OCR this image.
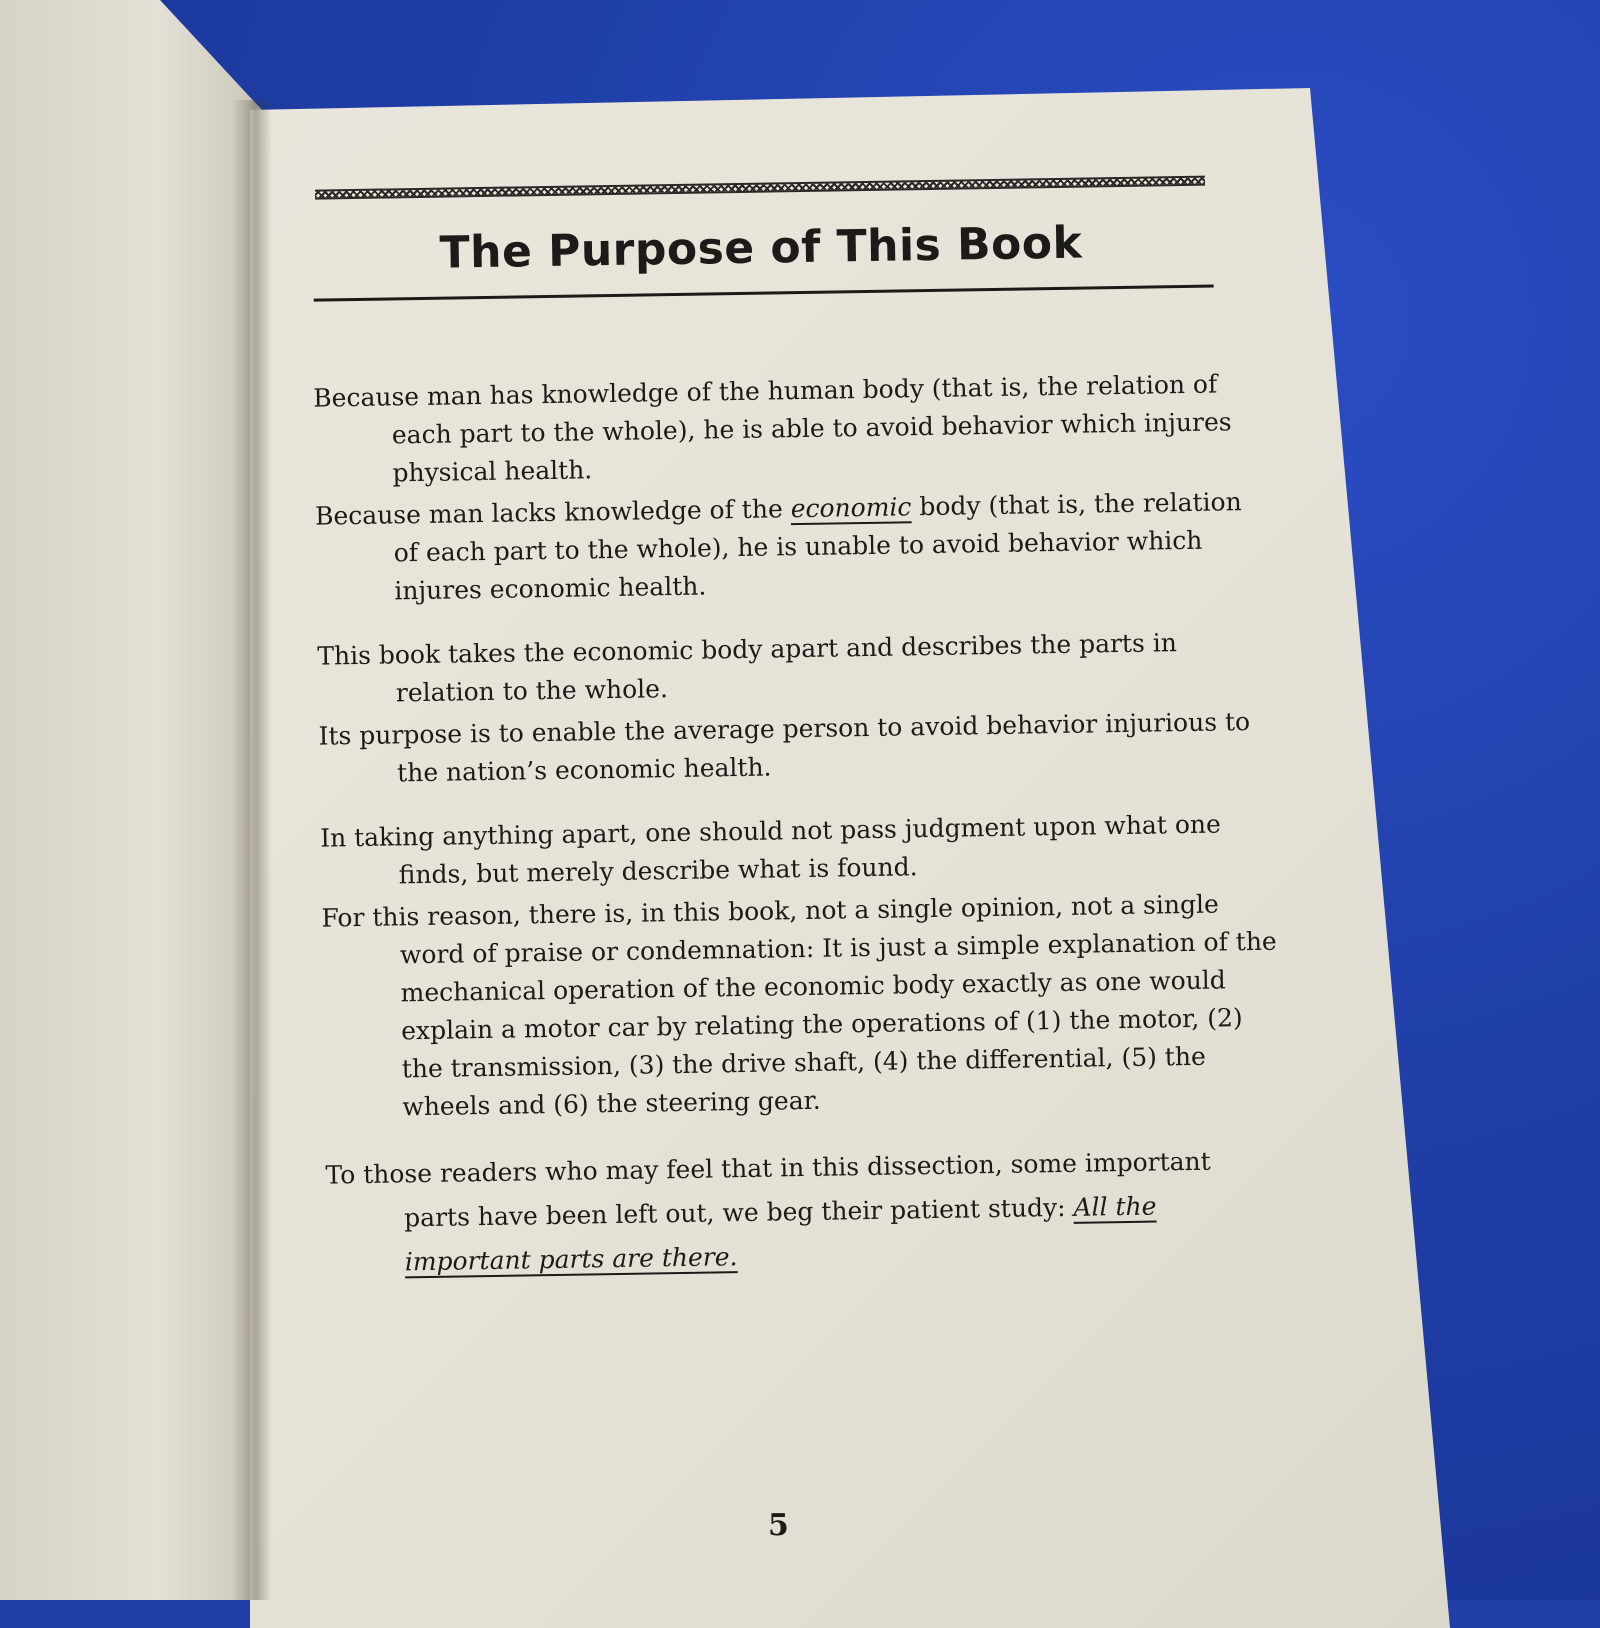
The Purpose of This Book

Because man has knowledge of the human body (that is, the relation of each part to the whole), he is able to avoid behavior which injures physical health.

Because man lacks knowledge of the economic body (that is, the relation of each part to the whole), he is unable to avoid behavior which injures economic health.

This book takes the economic body apart and describes the parts in relation to the whole.

Its purpose is to enable the average person to avoid behavior injurious to the nation’s economic health.

In taking anything apart, one should not pass judgment upon what one finds, but merely describe what is found.

For this reason, there is, in this book, not a single opinion, not a single word of praise or condemnation: It is just a simple explanation of the mechanical operation of the economic body exactly as one would explain a motor car by relating the operations of (1) the motor, (2) the transmission, (3) the drive shaft, (4) the differential, (5) the wheels and (6) the steering gear.

To those readers who may feel that in this dissection, some important parts have been left out, we beg their patient study: All the important parts are there.

5
